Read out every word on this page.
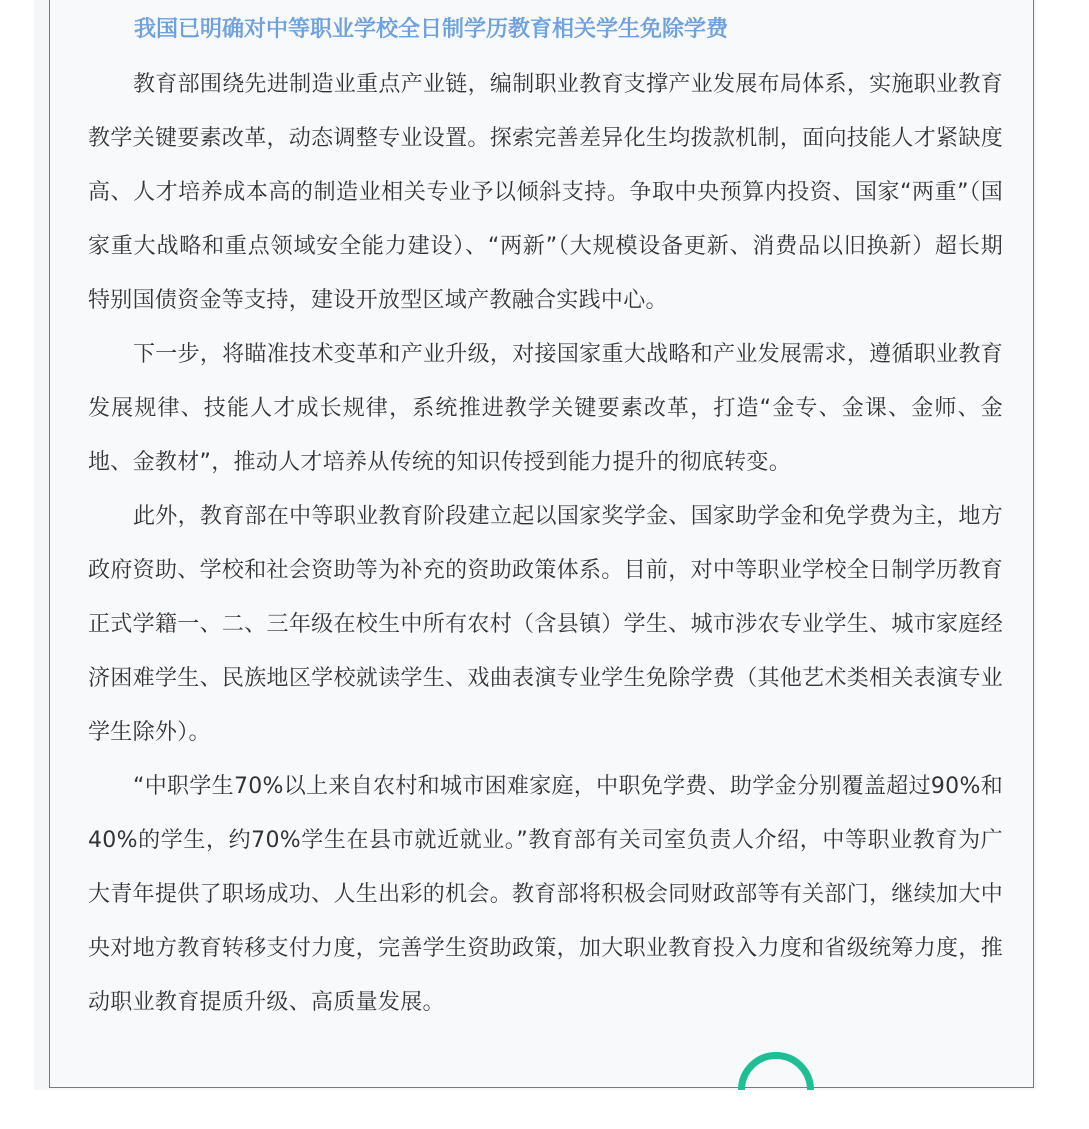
我国已明确对中等职业学校全日制学历教育相关学生免除学费

教育部围绕先进制造业重点产业链，编制职业教育支撑产业发展布局体系，实施职业教育教学关键要素改革，动态调整专业设置。探索完善差异化生均拨款机制，面向技能人才紧缺度高、人才培养成本高的制造业相关专业予以倾斜支持。争取中央预算内投资、国家“两重”（国家重大战略和重点领域安全能力建设）、“两新”（大规模设备更新、消费品以旧换新）超长期特别国债资金等支持，建设开放型区域产教融合实践中心。

下一步，将瞄准技术变革和产业升级，对接国家重大战略和产业发展需求，遵循职业教育发展规律、技能人才成长规律，系统推进教学关键要素改革，打造“金专、金课、金师、金地、金教材”，推动人才培养从传统的知识传授到能力提升的彻底转变。

此外，教育部在中等职业教育阶段建立起以国家奖学金、国家助学金和免学费为主，地方政府资助、学校和社会资助等为补充的资助政策体系。目前，对中等职业学校全日制学历教育正式学籍一、二、三年级在校生中所有农村（含县镇）学生、城市涉农专业学生、城市家庭经济困难学生、民族地区学校就读学生、戏曲表演专业学生免除学费（其他艺术类相关表演专业学生除外）。

“中职学生70%以上来自农村和城市困难家庭，中职免学费、助学金分别覆盖超过90%和40%的学生，约70%学生在县市就近就业。”教育部有关司室负责人介绍，中等职业教育为广大青年提供了职场成功、人生出彩的机会。教育部将积极会同财政部等有关部门，继续加大中央对地方教育转移支付力度，完善学生资助政策，加大职业教育投入力度和省级统筹力度，推动职业教育提质升级、高质量发展。
